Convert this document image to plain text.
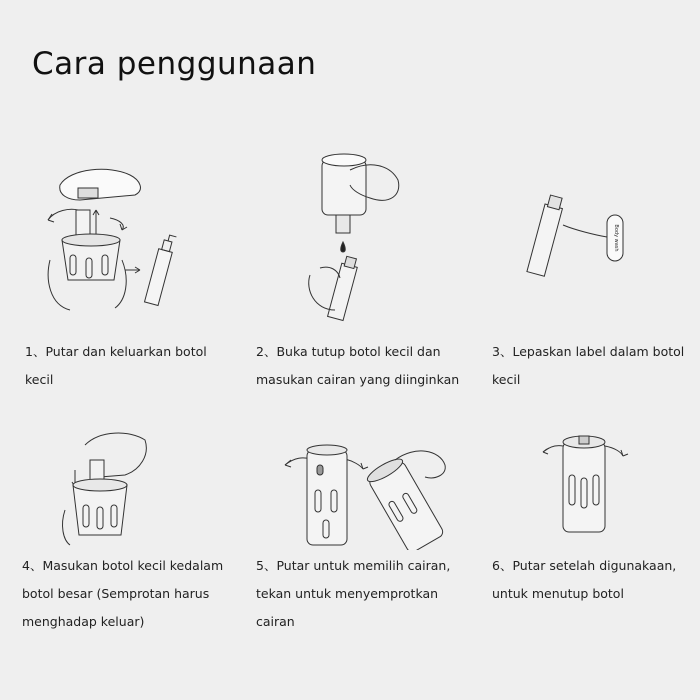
Cara penggunaan
Body wash
1、Putar dan keluarkan botol
kecil
2、Buka tutup botol kecil dan
masukan cairan yang diinginkan
3、Lepaskan label dalam botol
kecil
4、Masukan botol kecil kedalam
botol besar (Semprotan harus
menghadap keluar)
5、Putar untuk memilih cairan,
tekan untuk menyemprotkan
cairan
6、Putar setelah digunakaan,
untuk menutup botol
